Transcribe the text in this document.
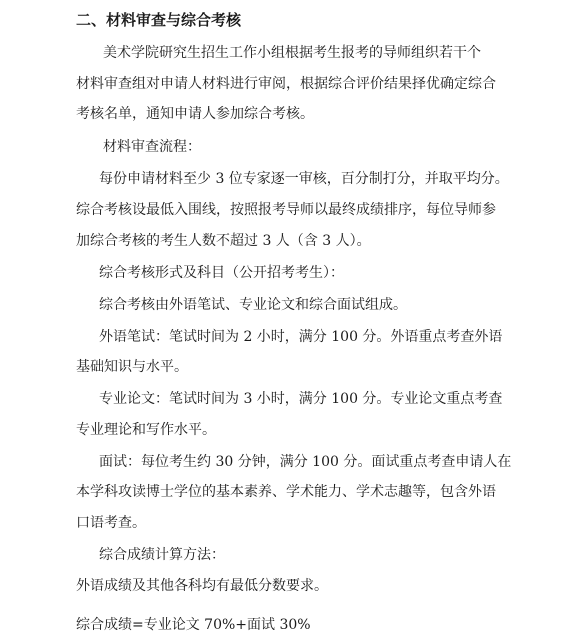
二、材料审查与综合考核
美术学院研究生招生工作小组根据考生报考的导师组织若干个
材料审查组对申请人材料进行审阅，根据综合评价结果择优确定综合
考核名单，通知申请人参加综合考核。
材料审查流程：
每份申请材料至少 3 位专家逐一审核，百分制打分，并取平均分。
综合考核设最低入围线，按照报考导师以最终成绩排序，每位导师参
加综合考核的考生人数不超过 3 人（含 3 人）。
综合考核形式及科目（公开招考考生）：
综合考核由外语笔试、专业论文和综合面试组成。
外语笔试：笔试时间为 2 小时，满分 100 分。外语重点考查外语
基础知识与水平。
专业论文：笔试时间为 3 小时，满分 100 分。专业论文重点考查
专业理论和写作水平。
面试：每位考生约 30 分钟，满分 100 分。面试重点考查申请人在
本学科攻读博士学位的基本素养、学术能力、学术志趣等，包含外语
口语考查。
综合成绩计算方法：
外语成绩及其他各科均有最低分数要求。
综合成绩=专业论文 70%+面试 30%
